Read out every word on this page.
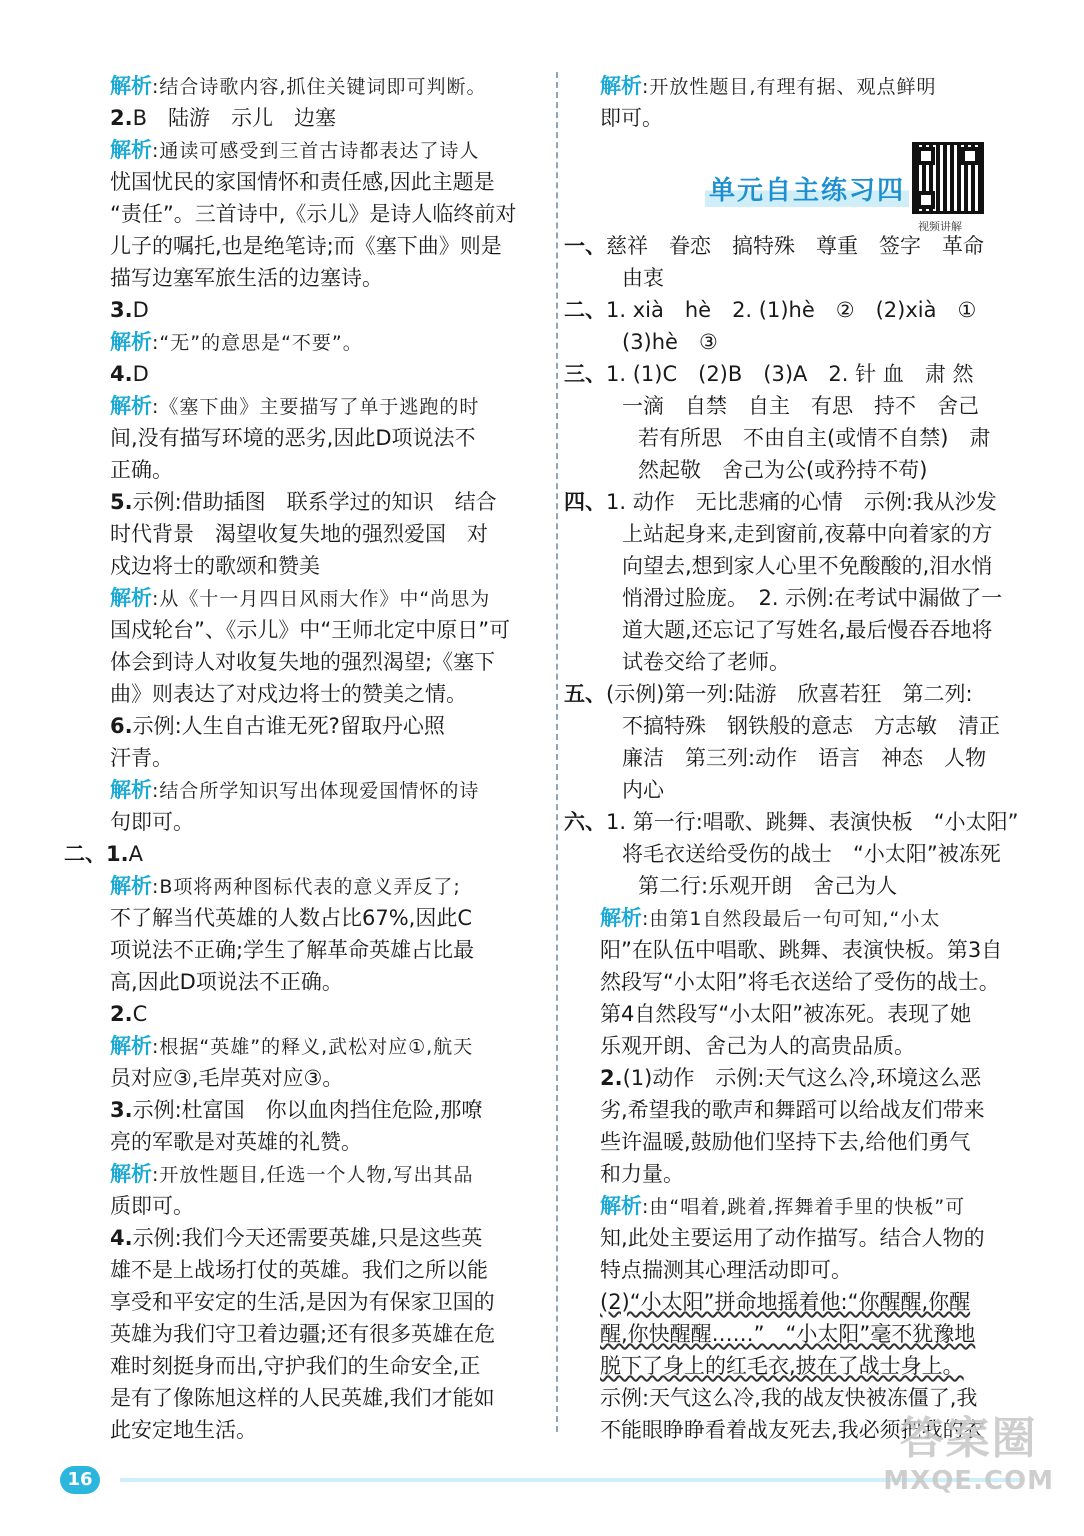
解析:结合诗歌内容,抓住关键词即可判断。
2.B　陆游　示儿　边塞
解析:通读可感受到三首古诗都表达了诗人
忧国忧民的家国情怀和责任感,因此主题是
“责任”。三首诗中,《示儿》是诗人临终前对
儿子的嘱托,也是绝笔诗;而《塞下曲》则是
描写边塞军旅生活的边塞诗。
3.D
解析:“无”的意思是“不要”。
4.D
解析:《塞下曲》主要描写了单于逃跑的时
间,没有描写环境的恶劣,因此D项说法不
正确。
5.示例:借助插图　联系学过的知识　结合
时代背景　渴望收复失地的强烈爱国　对
戍边将士的歌颂和赞美
解析:从《十一月四日风雨大作》中“尚思为
国戍轮台”、《示儿》中“王师北定中原日”可
体会到诗人对收复失地的强烈渴望;《塞下
曲》则表达了对戍边将士的赞美之情。
6.示例:人生自古谁无死?留取丹心照
汗青。
解析:结合所学知识写出体现爱国情怀的诗
句即可。
二、1.A
解析:B项将两种图标代表的意义弄反了;
不了解当代英雄的人数占比67%,因此C
项说法不正确;学生了解革命英雄占比最
高,因此D项说法不正确。
2.C
解析:根据“英雄”的释义,武松对应①,航天
员对应③,毛岸英对应③。
3.示例:杜富国　你以血肉挡住危险,那嘹
亮的军歌是对英雄的礼赞。
解析:开放性题目,任选一个人物,写出其品
质即可。
4.示例:我们今天还需要英雄,只是这些英
雄不是上战场打仗的英雄。我们之所以能
享受和平安定的生活,是因为有保家卫国的
英雄为我们守卫着边疆;还有很多英雄在危
难时刻挺身而出,守护我们的生命安全,正
是有了像陈旭这样的人民英雄,我们才能如
此安定地生活。
解析:开放性题目,有理有据、观点鲜明
即可。
单元自主练习四
视频讲解
一、慈祥　眷恋　搞特殊　尊重　签字　革命
由衷
二、1. xià　hè　2. (1)hè　②　(2)xià　①
(3)hè　③
三、1. (1)C　(2)B　(3)A　2. 针 血　肃 然
一滴　自禁　自主　有思　持不　舍己
若有所思　不由自主(或情不自禁)　肃
然起敬　舍己为公(或矜持不苟)
四、1. 动作　无比悲痛的心情　示例:我从沙发
上站起身来,走到窗前,夜幕中向着家的方
向望去,想到家人心里不免酸酸的,泪水悄
悄滑过脸庞。　2. 示例:在考试中漏做了一
道大题,还忘记了写姓名,最后慢吞吞地将
试卷交给了老师。
五、(示例)第一列:陆游　欣喜若狂　第二列:
不搞特殊　钢铁般的意志　方志敏　清正
廉洁　第三列:动作　语言　神态　人物
内心
六、1. 第一行:唱歌、跳舞、表演快板　“小太阳”
将毛衣送给受伤的战士　“小太阳”被冻死
第二行:乐观开朗　舍己为人
解析:由第1自然段最后一句可知,“小太
阳”在队伍中唱歌、跳舞、表演快板。第3自
然段写“小太阳”将毛衣送给了受伤的战士。
第4自然段写“小太阳”被冻死。表现了她
乐观开朗、舍己为人的高贵品质。
2.(1)动作　示例:天气这么冷,环境这么恶
劣,希望我的歌声和舞蹈可以给战友们带来
些许温暖,鼓励他们坚持下去,给他们勇气
和力量。
解析:由“唱着,跳着,挥舞着手里的快板”可
知,此处主要运用了动作描写。结合人物的
特点揣测其心理活动即可。
(2)“小太阳”拼命地摇着他:“你醒醒,你醒
醒,你快醒醒……”　“小太阳”毫不犹豫地
脱下了身上的红毛衣,披在了战士身上。
示例:天气这么冷,我的战友快被冻僵了,我
不能眼睁睁看着战友死去,我必须把我的衣
16
答案圈
MXQE.COM
